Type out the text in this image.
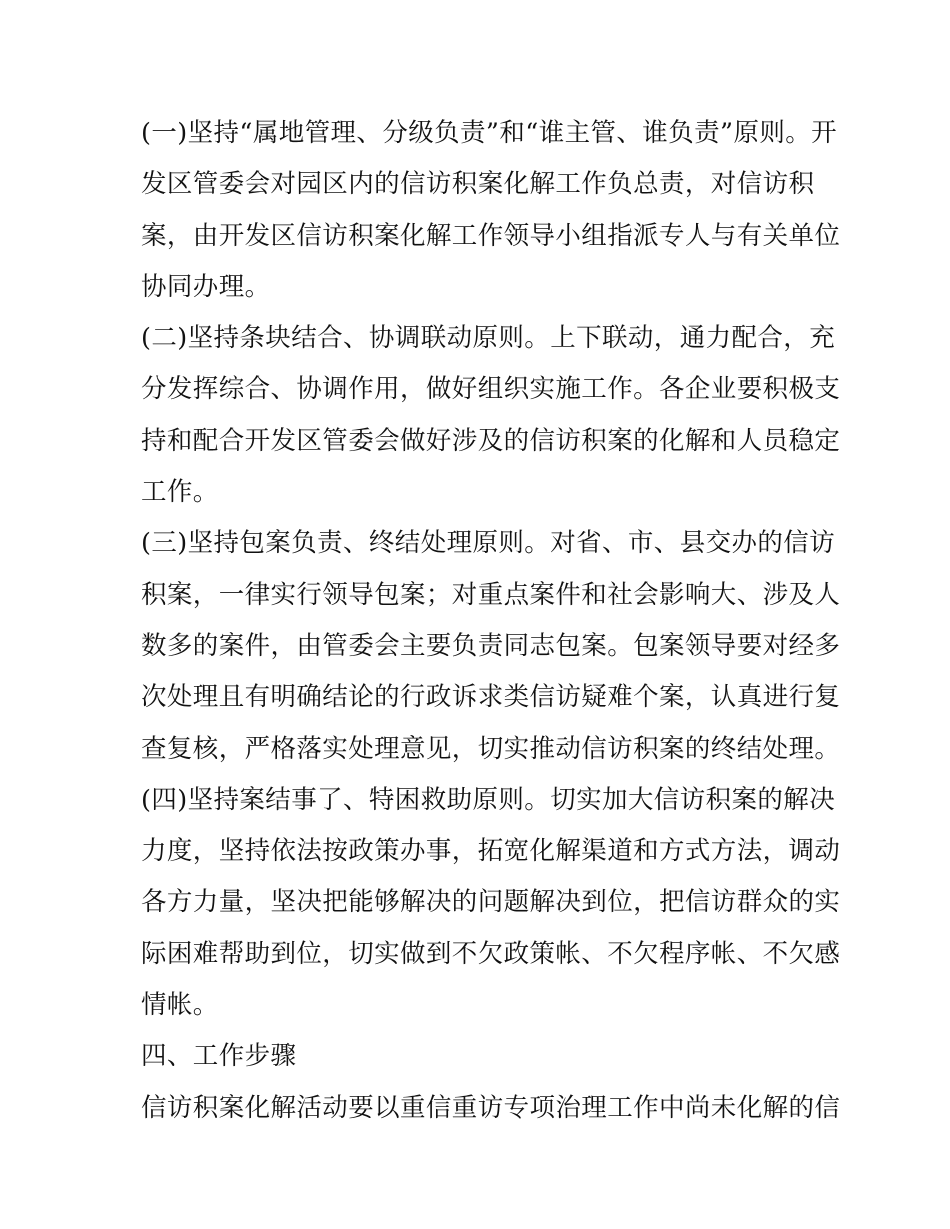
(一)坚持“属地管理、分级负责”和“谁主管、谁负责”原则。开
发区管委会对园区内的信访积案化解工作负总责，对信访积
案，由开发区信访积案化解工作领导小组指派专人与有关单位
协同办理。
(二)坚持条块结合、协调联动原则。上下联动，通力配合，充
分发挥综合、协调作用，做好组织实施工作。各企业要积极支
持和配合开发区管委会做好涉及的信访积案的化解和人员稳定
工作。
(三)坚持包案负责、终结处理原则。对省、市、县交办的信访
积案，一律实行领导包案；对重点案件和社会影响大、涉及人
数多的案件，由管委会主要负责同志包案。包案领导要对经多
次处理且有明确结论的行政诉求类信访疑难个案，认真进行复
查复核，严格落实处理意见，切实推动信访积案的终结处理。
(四)坚持案结事了、特困救助原则。切实加大信访积案的解决
力度，坚持依法按政策办事，拓宽化解渠道和方式方法，调动
各方力量，坚决把能够解决的问题解决到位，把信访群众的实
际困难帮助到位，切实做到不欠政策帐、不欠程序帐、不欠感
情帐。
四、工作步骤
信访积案化解活动要以重信重访专项治理工作中尚未化解的信
